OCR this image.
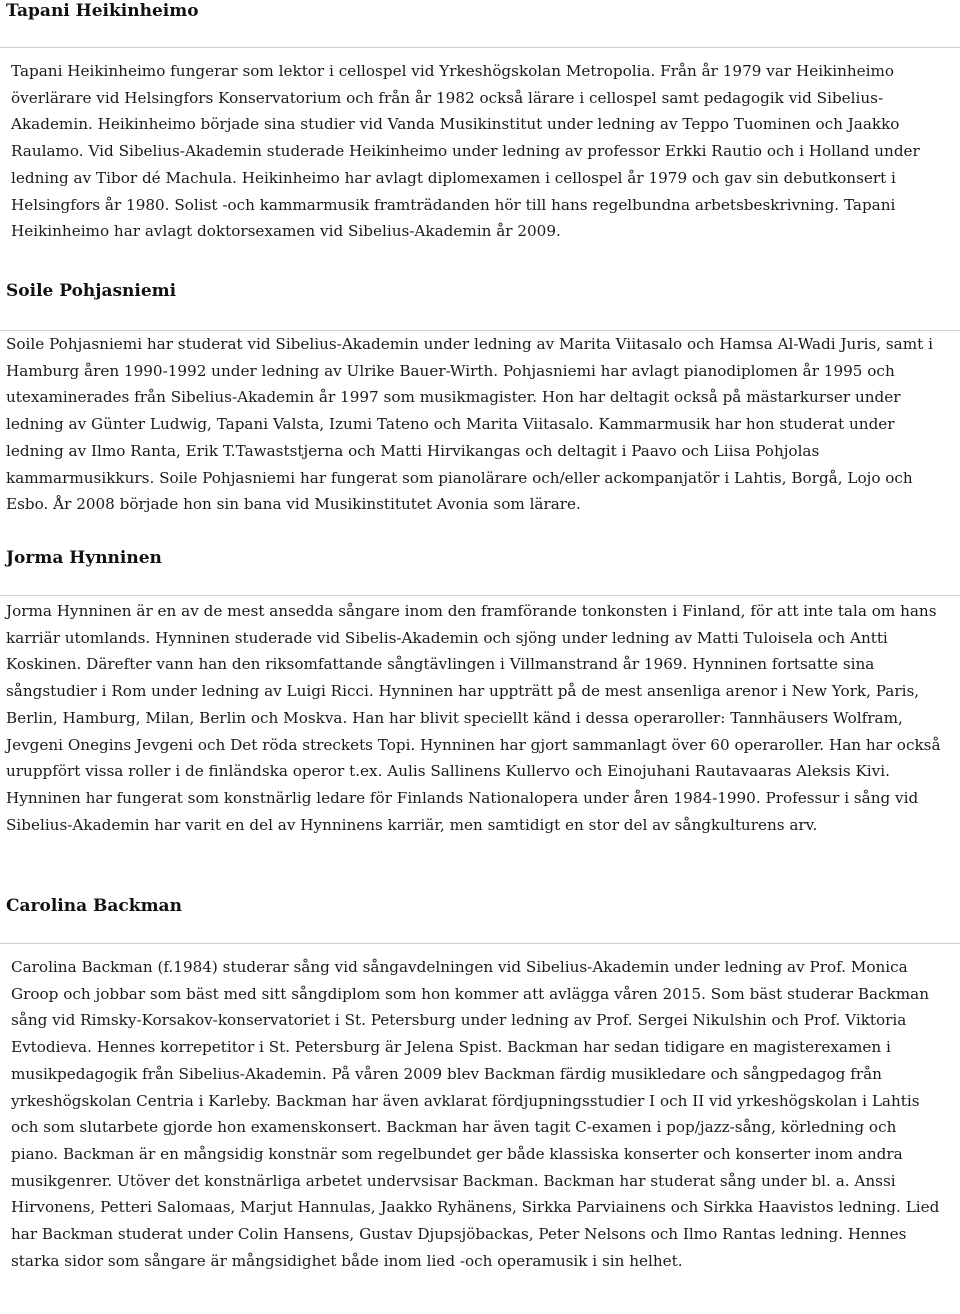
Tapani Heikinheimo

Tapani Heikinheimo fungerar som lektor i cellospel vid Yrkeshögskolan Metropolia. Från år 1979 var Heikinheimo överlärare vid Helsingfors Konservatorium och från år 1982 också lärare i cellospel samt pedagogik vid Sibelius-Akademin. Heikinheimo började sina studier vid Vanda Musikinstitut under ledning av Teppo Tuominen och Jaakko Raulamo. Vid Sibelius-Akademin studerade Heikinheimo under ledning av professor Erkki Rautio och i Holland under ledning av Tibor dé Machula. Heikinheimo har avlagt diplomexamen i cellospel år 1979 och gav sin debutkonsert i Helsingfors år 1980. Solist -och kammarmusik framträdanden hör till hans regelbundna arbetsbeskrivning. Tapani Heikinheimo har avlagt doktorsexamen vid Sibelius-Akademin år 2009.

Soile Pohjasniemi

Soile Pohjasniemi har studerat vid Sibelius-Akademin under ledning av Marita Viitasalo och Hamsa Al-Wadi Juris, samt i Hamburg åren 1990-1992 under ledning av Ulrike Bauer-Wirth. Pohjasniemi har avlagt pianodiplomen år 1995 och utexaminerades från Sibelius-Akademin år 1997 som musikmagister. Hon har deltagit också på mästarkurser under ledning av Günter Ludwig, Tapani Valsta, Izumi Tateno och Marita Viitasalo. Kammarmusik har hon studerat under ledning av Ilmo Ranta, Erik T.Tawaststjerna och Matti Hirvikangas och deltagit i Paavo och Liisa Pohjolas kammarmusikkurs. Soile Pohjasniemi har fungerat som pianolärare och/eller ackompanjatör i Lahtis, Borgå, Lojo och Esbo. År 2008 började hon sin bana vid Musikinstitutet Avonia som lärare.

Jorma Hynninen

Jorma Hynninen är en av de mest ansedda sångare inom den framförande tonkonsten i Finland, för att inte tala om hans karriär utomlands. Hynninen studerade vid Sibelis-Akademin och sjöng under ledning av Matti Tuloisela och Antti Koskinen. Därefter vann han den riksomfattande sångtävlingen i Villmanstrand år 1969. Hynninen fortsatte sina sångstudier i Rom under ledning av Luigi Ricci. Hynninen har uppträtt på de mest ansenliga arenor i New York, Paris, Berlin, Hamburg, Milan, Berlin och Moskva. Han har blivit speciellt känd i dessa operaroller: Tannhäusers Wolfram, Jevgeni Onegins Jevgeni och Det röda streckets Topi. Hynninen har gjort sammanlagt över 60 operaroller. Han har också uruppfört vissa roller i de finländska operor t.ex. Aulis Sallinens Kullervo och Einojuhani Rautavaaras Aleksis Kivi. Hynninen har fungerat som konstnärlig ledare för Finlands Nationalopera under åren 1984-1990. Professur i sång vid Sibelius-Akademin har varit en del av Hynninens karriär, men samtidigt en stor del av sångkulturens arv.

Carolina Backman

Carolina Backman (f.1984) studerar sång vid sångavdelningen vid Sibelius-Akademin under ledning av Prof. Monica Groop och jobbar som bäst med sitt sångdiplom som hon kommer att avlägga våren 2015. Som bäst studerar Backman sång vid Rimsky-Korsakov-konservatoriet i St. Petersburg under ledning av Prof. Sergei Nikulshin och Prof. Viktoria Evtodieva. Hennes korrepetitor i St. Petersburg är Jelena Spist. Backman har sedan tidigare en magisterexamen i musikpedagogik från Sibelius-Akademin. På våren 2009 blev Backman färdig musikledare och sångpedagog från yrkeshögskolan Centria i Karleby. Backman har även avklarat fördjupningsstudier I och II vid yrkeshögskolan i Lahtis och som slutarbete gjorde hon examenskonsert. Backman har även tagit C-examen i pop/jazz-sång, körledning och piano. Backman är en mångsidig konstnär som regelbundet ger både klassiska konserter och konserter inom andra musikgenrer. Utöver det konstnärliga arbetet undervsisar Backman. Backman har studerat sång under bl. a. Anssi Hirvonens, Petteri Salomaas, Marjut Hannulas, Jaakko Ryhänens, Sirkka Parviainens och Sirkka Haavistos ledning. Lied har Backman studerat under Colin Hansens, Gustav Djupsjöbackas, Peter Nelsons och Ilmo Rantas ledning. Hennes starka sidor som sångare är mångsidighet både inom lied -och operamusik i sin helhet.
